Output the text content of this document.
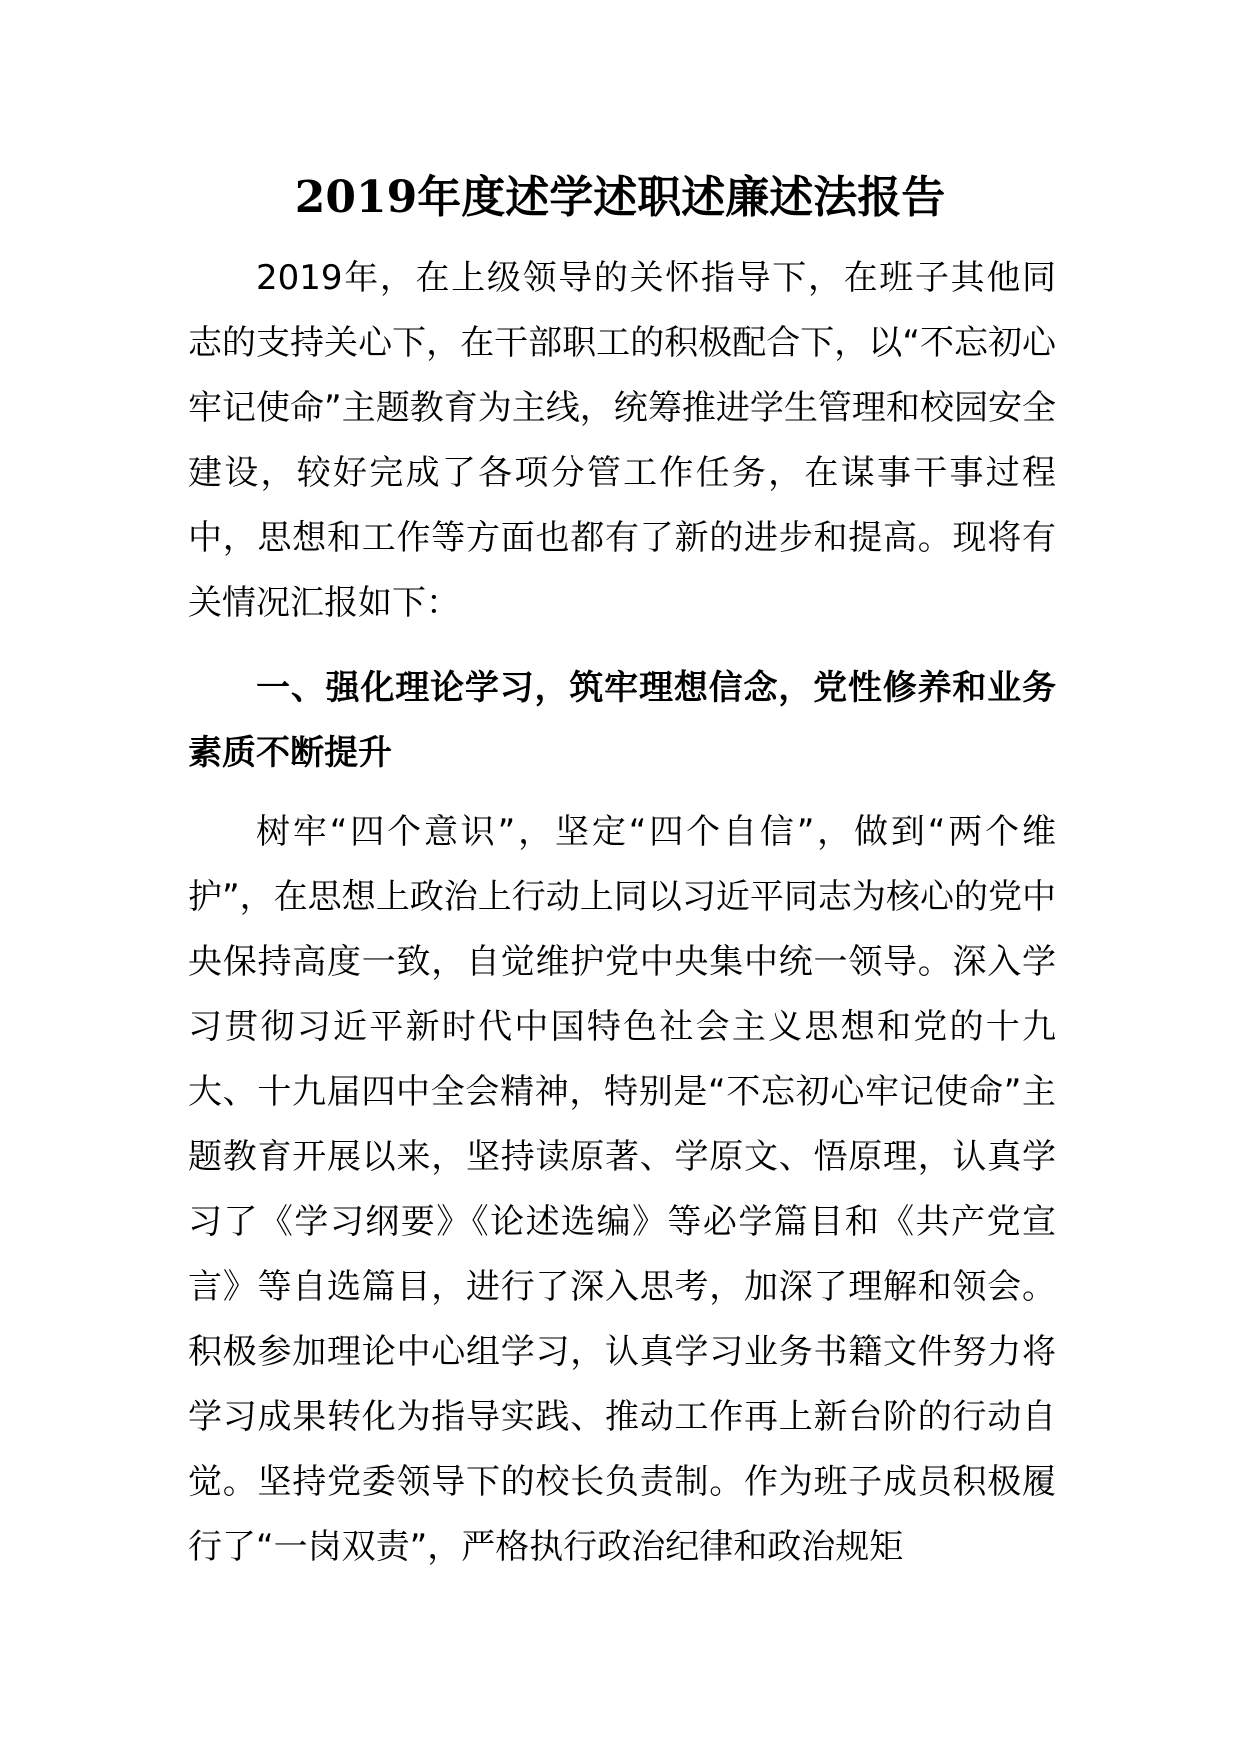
2019年度述学述职述廉述法报告

2019年，在上级领导的关怀指导下，在班子其他同志的支持关心下，在干部职工的积极配合下，以“不忘初心牢记使命”主题教育为主线，统筹推进学生管理和校园安全建设，较好完成了各项分管工作任务，在谋事干事过程中，思想和工作等方面也都有了新的进步和提高。现将有关情况汇报如下：

一、强化理论学习，筑牢理想信念，党性修养和业务素质不断提升

树牢“四个意识”，坚定“四个自信”，做到“两个维护”，在思想上政治上行动上同以习近平同志为核心的党中央保持高度一致，自觉维护党中央集中统一领导。深入学习贯彻习近平新时代中国特色社会主义思想和党的十九大、十九届四中全会精神，特别是“不忘初心牢记使命”主题教育开展以来，坚持读原著、学原文、悟原理，认真学习了《学习纲要》《论述选编》等必学篇目和《共产党宣言》等自选篇目，进行了深入思考，加深了理解和领会。积极参加理论中心组学习，认真学习业务书籍文件努力将学习成果转化为指导实践、推动工作再上新台阶的行动自觉。坚持党委领导下的校长负责制。作为班子成员积极履行了“一岗双责”，严格执行政治纪律和政治规矩
